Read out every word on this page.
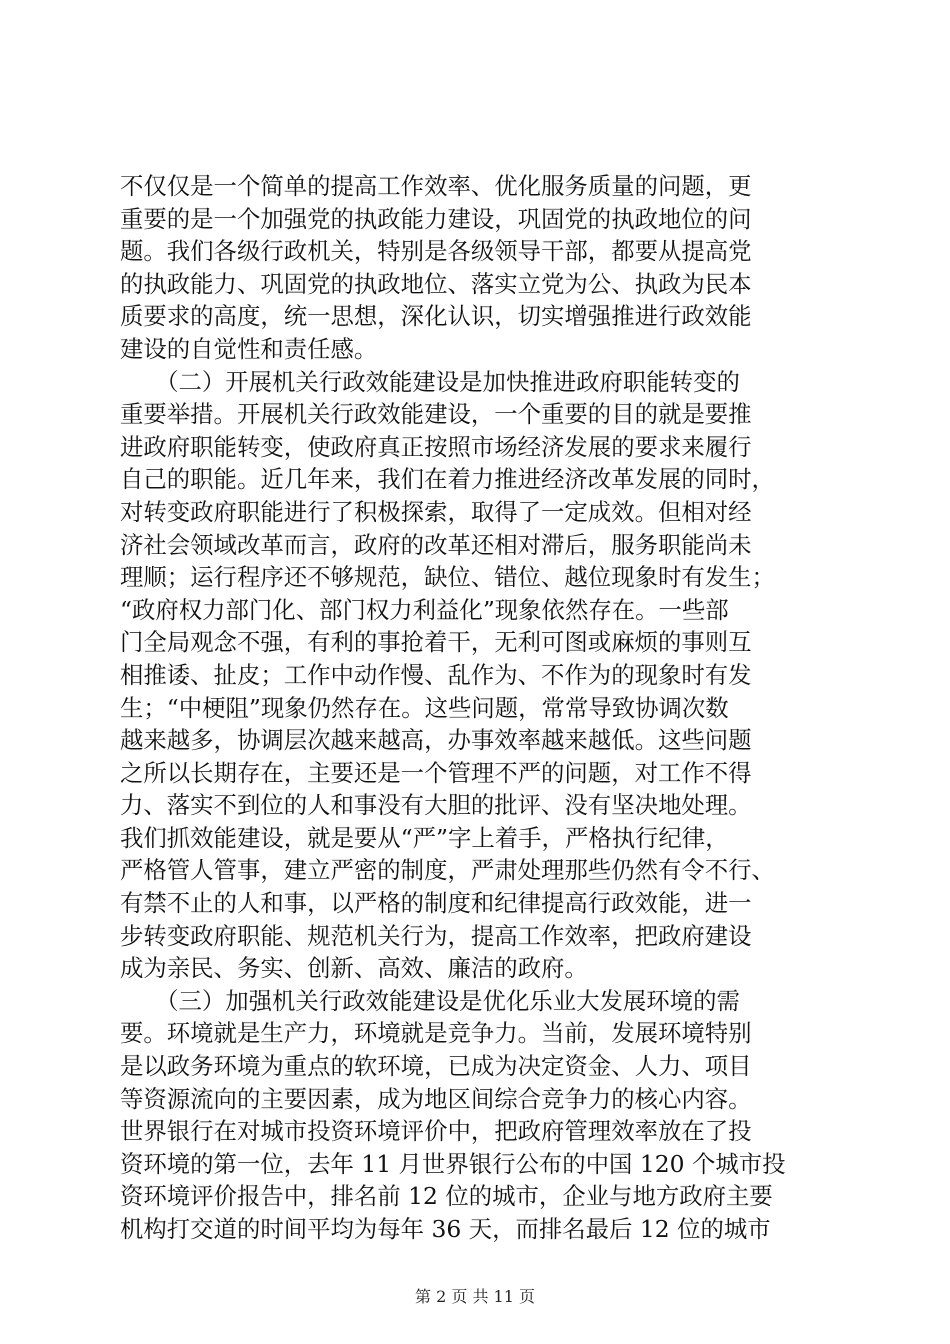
不仅仅是一个简单的提高工作效率、优化服务质量的问题，更
重要的是一个加强党的执政能力建设，巩固党的执政地位的问
题。我们各级行政机关，特别是各级领导干部，都要从提高党
的执政能力、巩固党的执政地位、落实立党为公、执政为民本
质要求的高度，统一思想，深化认识，切实增强推进行政效能
建设的自觉性和责任感。
　　（二）开展机关行政效能建设是加快推进政府职能转变的
重要举措。开展机关行政效能建设，一个重要的目的就是要推
进政府职能转变，使政府真正按照市场经济发展的要求来履行
自己的职能。近几年来，我们在着力推进经济改革发展的同时，
对转变政府职能进行了积极探索，取得了一定成效。但相对经
济社会领域改革而言，政府的改革还相对滞后，服务职能尚未
理顺；运行程序还不够规范，缺位、错位、越位现象时有发生；
“政府权力部门化、部门权力利益化”现象依然存在。一些部
门全局观念不强，有利的事抢着干，无利可图或麻烦的事则互
相推诿、扯皮；工作中动作慢、乱作为、不作为的现象时有发
生；“中梗阻”现象仍然存在。这些问题，常常导致协调次数
越来越多，协调层次越来越高，办事效率越来越低。这些问题
之所以长期存在，主要还是一个管理不严的问题，对工作不得
力、落实不到位的人和事没有大胆的批评、没有坚决地处理。
我们抓效能建设，就是要从“严”字上着手，严格执行纪律，
严格管人管事，建立严密的制度，严肃处理那些仍然有令不行、
有禁不止的人和事，以严格的制度和纪律提高行政效能，进一
步转变政府职能、规范机关行为，提高工作效率，把政府建设
成为亲民、务实、创新、高效、廉洁的政府。
　　（三）加强机关行政效能建设是优化乐业大发展环境的需
要。环境就是生产力，环境就是竞争力。当前，发展环境特别
是以政务环境为重点的软环境，已成为决定资金、人力、项目
等资源流向的主要因素，成为地区间综合竞争力的核心内容。
世界银行在对城市投资环境评价中，把政府管理效率放在了投
资环境的第一位，去年 11 月世界银行公布的中国 120 个城市投
资环境评价报告中，排名前 12 位的城市，企业与地方政府主要
机构打交道的时间平均为每年 36 天，而排名最后 12 位的城市
第 2 页 共 11 页
